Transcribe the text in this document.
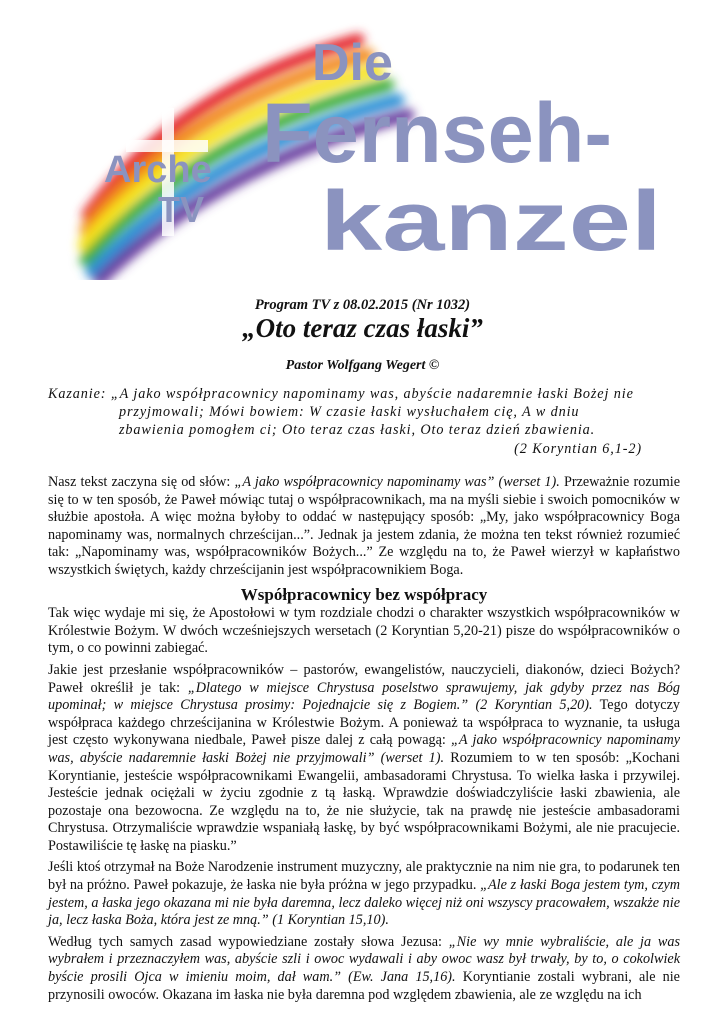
Arche
TV
Die
Fernseh-
kanzel
Program TV z 08.02.2015 (Nr 1032)
„Oto teraz czas łaski”
Pastor Wolfgang Wegert ©
Kazanie: „A jako współpracownicy napominamy was, abyście nadaremnie łaski Bożej nie
przyjmowali; Mówi bowiem: W czasie łaski wysłuchałem cię, A w dniu
zbawienia pomogłem ci; Oto teraz czas łaski, Oto teraz dzień zbawienia.
(2 Koryntian 6,1-2)

Nasz tekst zaczyna się od słów: „A jako współpracownicy napominamy was” (werset 1). Przeważnie rozumie się to w ten sposób, że Paweł mówiąc tutaj o współpracownikach, ma na myśli siebie i swoich pomocników w służbie apostoła. A więc można byłoby to oddać w następujący sposób: „My, jako współpracownicy Boga napominamy was, normalnych chrześcijan...”. Jednak ja jestem zdania, że można ten tekst również rozumieć tak: „Napominamy was, współpracowników Bożych...” Ze względu na to, że Paweł wierzył w kapłaństwo wszystkich świętych, każdy chrześcijanin jest współpracownikiem Boga.

Współpracownicy bez współpracy

Tak więc wydaje mi się, że Apostołowi w tym rozdziale chodzi o charakter wszystkich współpracowników w Królestwie Bożym. W dwóch wcześniejszych wersetach (2 Koryntian 5,20-21) pisze do współpracowników o tym, o co powinni zabiegać.

Jakie jest przesłanie współpracowników – pastorów, ewangelistów, nauczycieli, diakonów, dzieci Bożych? Paweł określił je tak: „Dlatego w miejsce Chrystusa poselstwo sprawujemy, jak gdyby przez nas Bóg upominał; w miejsce Chrystusa prosimy: Pojednajcie się z Bogiem.” (2 Koryntian 5,20). Tego dotyczy współpraca każdego chrześcijanina w Królestwie Bożym. A ponieważ ta współpraca to wyznanie, ta usługa jest często wykonywana niedbale, Paweł pisze dalej z całą powagą: „A jako współpracownicy napominamy was, abyście nadaremnie łaski Bożej nie przyjmowali” (werset 1). Rozumiem to w ten sposób: „Kochani Koryntianie, jesteście współpracownikami Ewangelii, ambasadorami Chrystusa. To wielka łaska i przywilej. Jesteście jednak ociężali w życiu zgodnie z tą łaską. Wprawdzie doświadczyliście łaski zbawienia, ale pozostaje ona bezowocna. Ze względu na to, że nie służycie, tak na prawdę nie jesteście ambasadorami Chrystusa. Otrzymaliście wprawdzie wspaniałą łaskę, by być współpracownikami Bożymi, ale nie pracujecie. Postawiliście tę łaskę na piasku.”

Jeśli ktoś otrzymał na Boże Narodzenie instrument muzyczny, ale praktycznie na nim nie gra, to podarunek ten był na próżno. Paweł pokazuje, że łaska nie była próżna w jego przypadku. „Ale z łaski Boga jestem tym, czym jestem, a łaska jego okazana mi nie była daremna, lecz daleko więcej niż oni wszyscy pracowałem, wszakże nie ja, lecz łaska Boża, która jest ze mną.” (1 Koryntian 15,10).

Według tych samych zasad wypowiedziane zostały słowa Jezusa: „Nie wy mnie wybraliście, ale ja was wybrałem i przeznaczyłem was, abyście szli i owoc wydawali i aby owoc wasz był trwały, by to, o cokolwiek byście prosili Ojca w imieniu moim, dał wam.” (Ew. Jana 15,16). Koryntianie zostali wybrani, ale nie przynosili owoców. Okazana im łaska nie była daremna pod względem zbawienia, ale ze względu na ich
